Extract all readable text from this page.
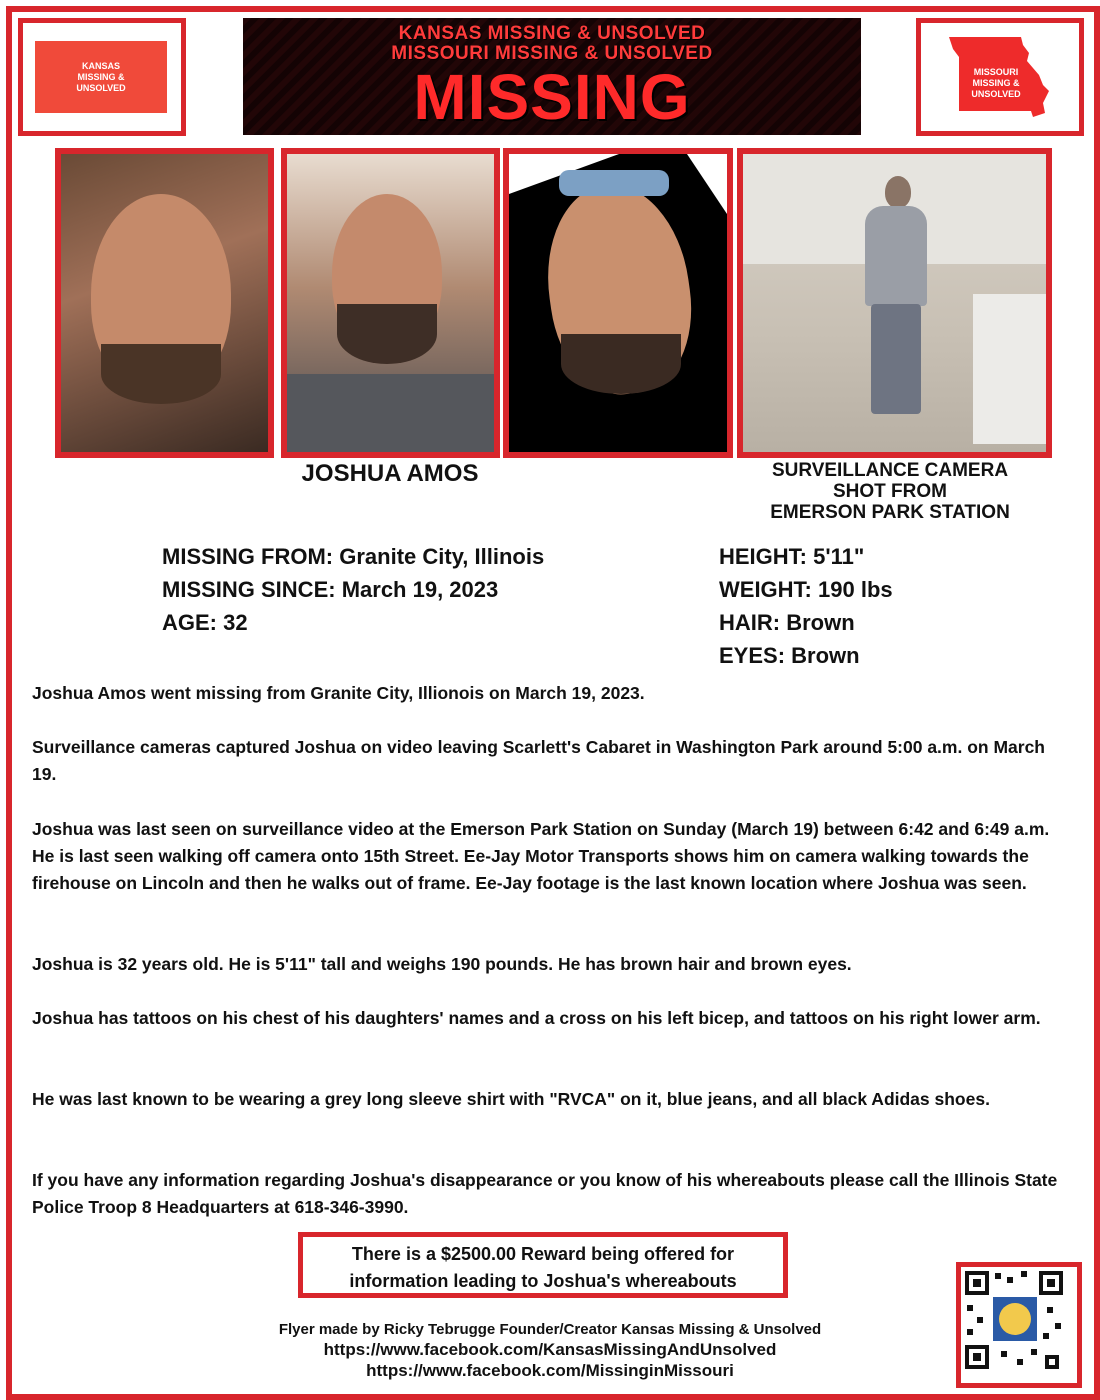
KANSAS MISSING & UNSOLVED
KANSAS MISSING & UNSOLVED
MISSOURI MISSING & UNSOLVED
MISSING	MISSOURI MISSING & UNSOLVED
JOSHUA AMOS	SURVEILLANCE CAMERA
SHOT FROM
EMERSON PARK STATION
MISSING FROM: Granite City, Illinois
MISSING SINCE: March 19, 2023
AGE: 32
HEIGHT: 5'11"
WEIGHT: 190 lbs
HAIR: Brown
EYES: Brown
Joshua Amos went missing from Granite City, Illionois on March 19, 2023.
Surveillance cameras captured Joshua on video leaving Scarlett's Cabaret in Washington Park around 5:00 a.m. on March 19.
Joshua was last seen on surveillance video at the Emerson Park Station on Sunday (March 19) between 6:42 and 6:49 a.m. He is last seen walking off camera onto 15th Street. Ee-Jay Motor Transports shows him on camera walking towards the firehouse on Lincoln and then he walks out of frame. Ee-Jay footage is the last known location where Joshua was seen.
Joshua is 32 years old. He is 5'11" tall and weighs 190 pounds. He has brown hair and brown eyes.
Joshua has tattoos on his chest of his daughters' names and a cross on his left bicep, and tattoos on his right lower arm.
He was last known to be wearing a grey long sleeve shirt with "RVCA" on it, blue jeans, and all black Adidas shoes.
If you have any information regarding Joshua's disappearance or you know of his whereabouts please call the Illinois State Police Troop 8 Headquarters at 618-346-3990.
There is a $2500.00 Reward being offered for
information leading to Joshua's whereabouts
Flyer made by Ricky Tebrugge Founder/Creator Kansas Missing & Unsolved
https://www.facebook.com/KansasMissingAndUnsolved
https://www.facebook.com/MissinginMissouri
